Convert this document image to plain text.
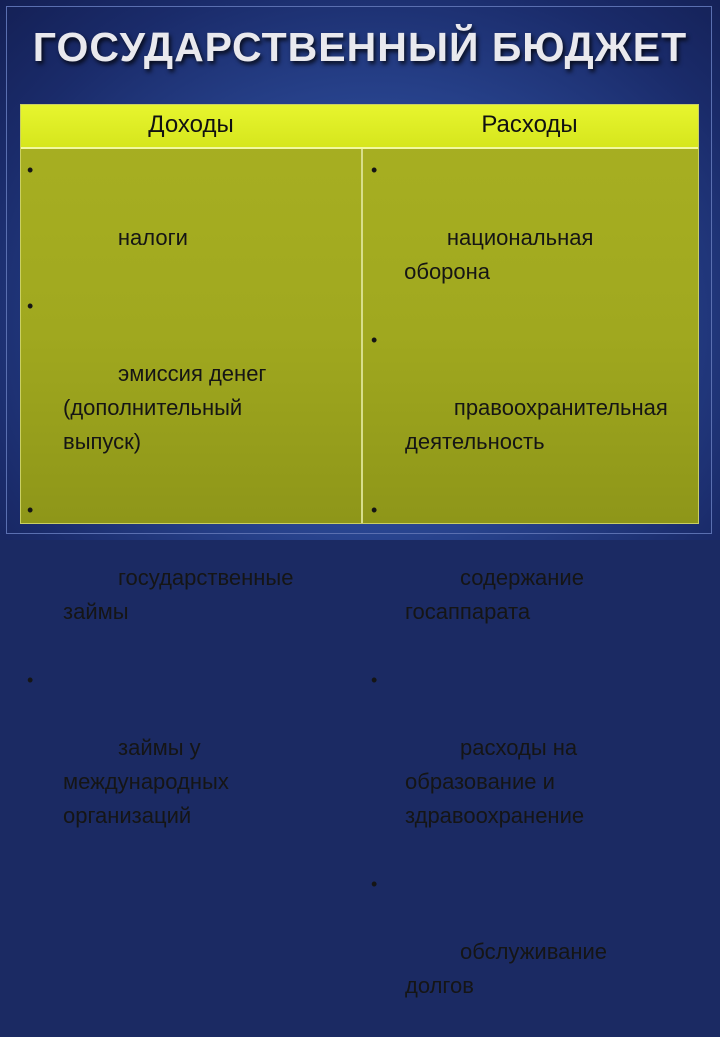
ГОСУДАРСТВЕННЫЙ БЮДЖЕТ
Доходы	Расходы

•

налоги

•

эмиссия денег
(дополнительный
выпуск)

•

государственные
займы

•

займы у
международных
организаций

•

национальная
оборона

•

правоохранительная
деятельность

•

содержание
госаппарата

•

расходы на
образование и
здравоохранение

•

обслуживание
долгов
